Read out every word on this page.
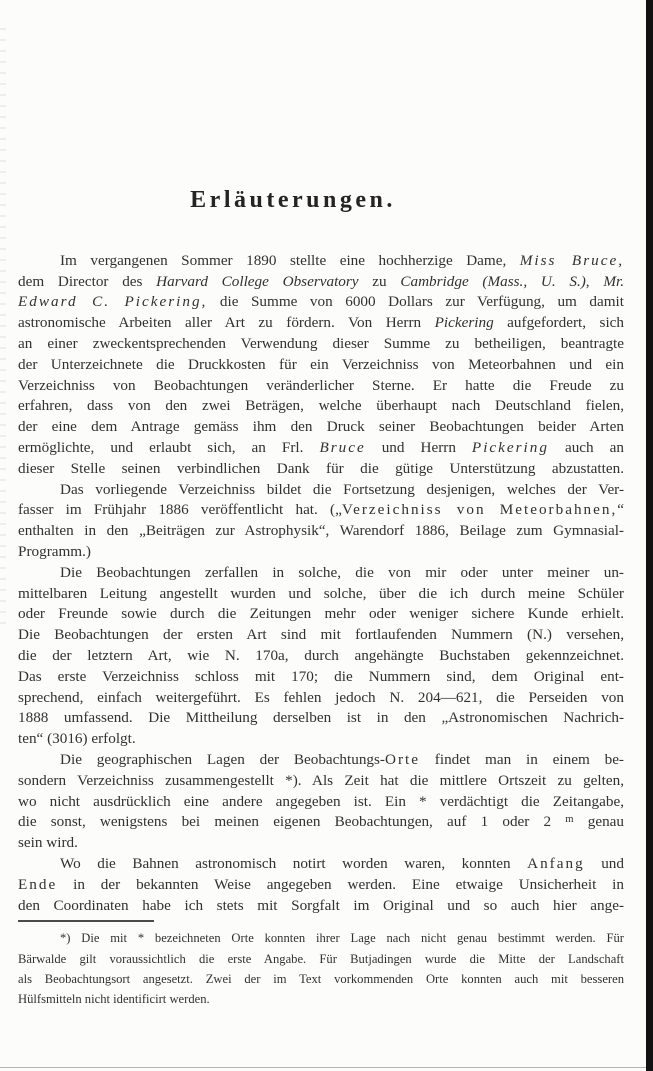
Erläuterungen.
Im vergangenen Sommer 1890 stellte eine hochherzige Dame, Miss Bruce,
dem Director des Harvard College Observatory zu Cambridge (Mass., U. S.), Mr.
Edward C. Pickering, die Summe von 6000 Dollars zur Verfügung, um damit
astronomische Arbeiten aller Art zu fördern. Von Herrn Pickering aufgefordert, sich
an einer zweckentsprechenden Verwendung dieser Summe zu betheiligen, beantragte
der Unterzeichnete die Druckkosten für ein Verzeichniss von Meteorbahnen und ein
Verzeichniss von Beobachtungen veränderlicher Sterne. Er hatte die Freude zu
erfahren, dass von den zwei Beträgen, welche überhaupt nach Deutschland fielen,
der eine dem Antrage gemäss ihm den Druck seiner Beobachtungen beider Arten
ermöglichte, und erlaubt sich, an Frl. Bruce und Herrn Pickering auch an
dieser Stelle seinen verbindlichen Dank für die gütige Unterstützung abzustatten.
Das vorliegende Verzeichniss bildet die Fortsetzung desjenigen, welches der Ver-
fasser im Frühjahr 1886 veröffentlicht hat. („Verzeichniss von Meteorbahnen,“
enthalten in den „Beiträgen zur Astrophysik“, Warendorf 1886, Beilage zum Gymnasial-
Programm.)
Die Beobachtungen zerfallen in solche, die von mir oder unter meiner un-
mittelbaren Leitung angestellt wurden und solche, über die ich durch meine Schüler
oder Freunde sowie durch die Zeitungen mehr oder weniger sichere Kunde erhielt.
Die Beobachtungen der ersten Art sind mit fortlaufenden Nummern (N.) versehen,
die der letztern Art, wie N. 170a, durch angehängte Buchstaben gekennzeichnet.
Das erste Verzeichniss schloss mit 170; die Nummern sind, dem Original ent-
sprechend, einfach weitergeführt. Es fehlen jedoch N. 204—621, die Perseiden von
1888 umfassend. Die Mittheilung derselben ist in den „Astronomischen Nachrich-
ten“ (3016) erfolgt.
Die geographischen Lagen der Beobachtungs-Orte findet man in einem be-
sondern Verzeichniss zusammengestellt *). Als Zeit hat die mittlere Ortszeit zu gelten,
wo nicht ausdrücklich eine andere angegeben ist. Ein * verdächtigt die Zeitangabe,
die sonst, wenigstens bei meinen eigenen Beobachtungen, auf 1 oder 2 $^m$ genau
sein wird.
Wo die Bahnen astronomisch notirt worden waren, konnten Anfang und
Ende in der bekannten Weise angegeben werden. Eine etwaige Unsicherheit in
den Coordinaten habe ich stets mit Sorgfalt im Original und so auch hier ange-
*) Die mit * bezeichneten Orte konnten ihrer Lage nach nicht genau bestimmt werden. Für
Bärwalde gilt voraussichtlich die erste Angabe. Für Butjadingen wurde die Mitte der Landschaft
als Beobachtungsort angesetzt. Zwei der im Text vorkommenden Orte konnten auch mit besseren
Hülfsmitteln nicht identificirt werden.
